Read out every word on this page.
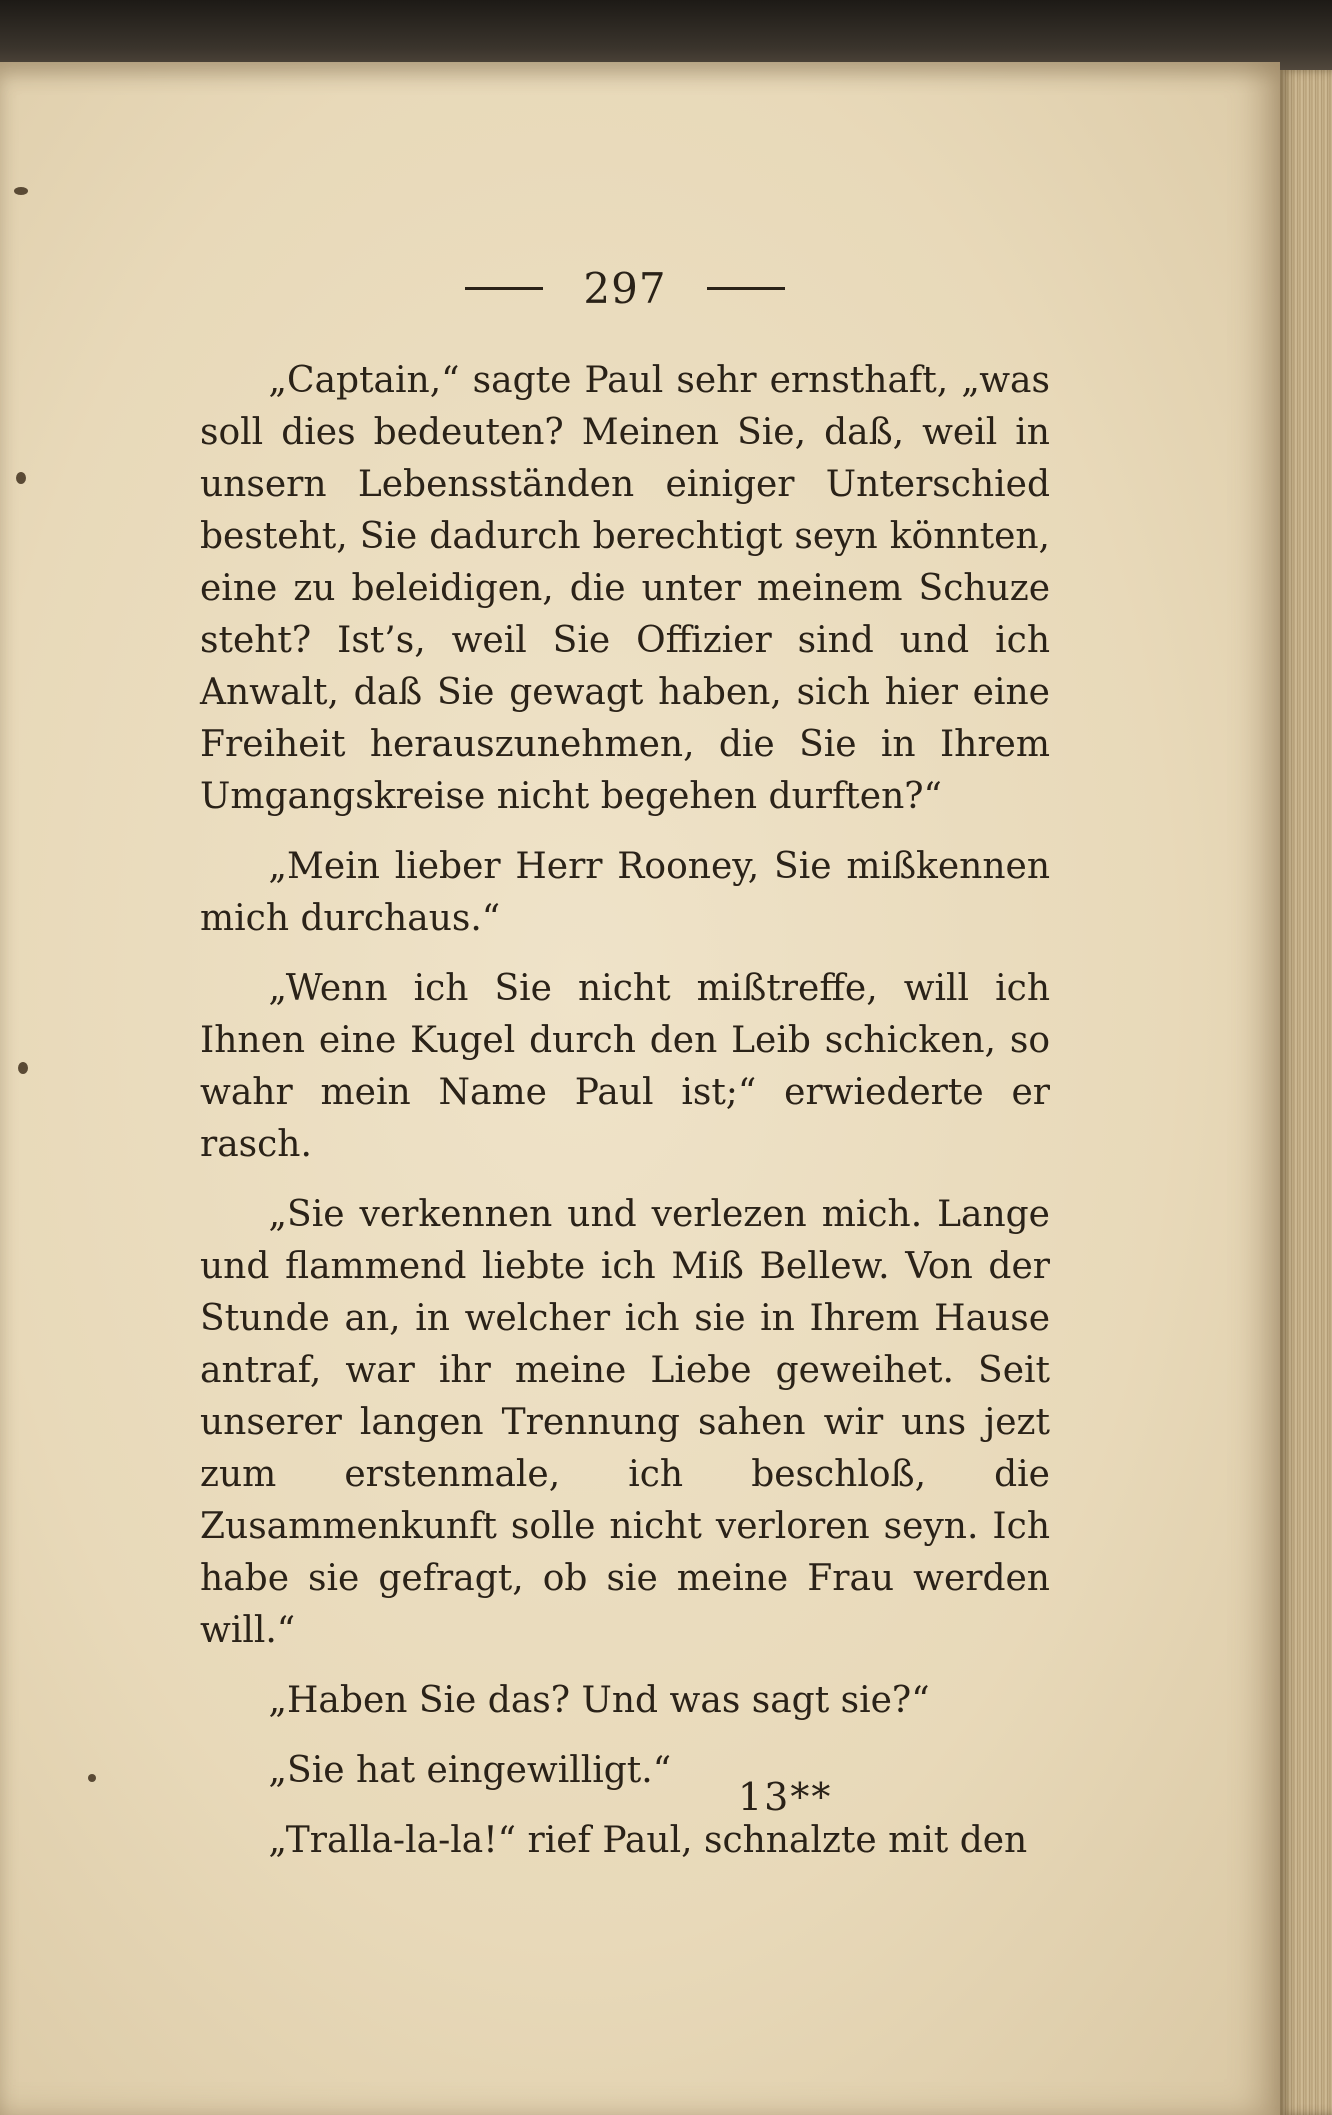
297

„Captain,“ sagte Paul sehr ernsthaft, „was soll dies bedeuten? Meinen Sie, daß, weil in unsern Lebensständen einiger Unterschied besteht, Sie dadurch berechtigt seyn könnten, eine zu beleidigen, die unter meinem Schuze steht? Ist’s, weil Sie Offizier sind und ich Anwalt, daß Sie gewagt haben, sich hier eine Freiheit herauszunehmen, die Sie in Ihrem Umgangskreise nicht begehen durften?“

„Mein lieber Herr Rooney, Sie mißkennen mich durchaus.“

„Wenn ich Sie nicht mißtreffe, will ich Ihnen eine Kugel durch den Leib schicken, so wahr mein Name Paul ist;“ erwiederte er rasch.

„Sie verkennen und verlezen mich. Lange und flammend liebte ich Miß Bellew. Von der Stunde an, in welcher ich sie in Ihrem Hause antraf, war ihr meine Liebe geweihet. Seit unserer langen Trennung sahen wir uns jezt zum erstenmale, ich beschloß, die Zusammenkunft solle nicht verloren seyn. Ich habe sie gefragt, ob sie meine Frau werden will.“

„Haben Sie das? Und was sagt sie?“

„Sie hat eingewilligt.“

„Tralla-la-la!“ rief Paul, schnalzte mit den

13**
